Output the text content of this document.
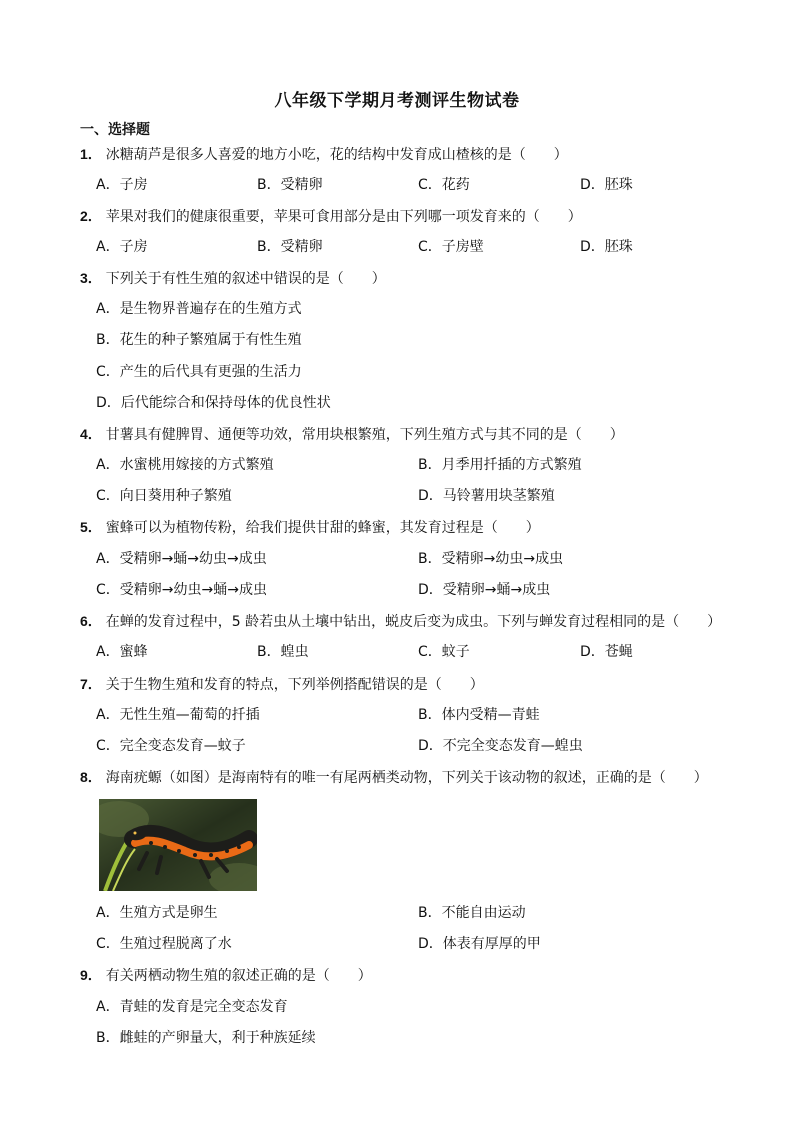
八年级下学期月考测评生物试卷
一、选择题
1． 冰糖葫芦是很多人喜爱的地方小吃，花的结构中发育成山楂核的是（　　）
A．子房	B．受精卵	C．花药	D．胚珠
2． 苹果对我们的健康很重要，苹果可食用部分是由下列哪一项发育来的（　　）
A．子房	B．受精卵	C．子房壁	D．胚珠
3． 下列关于有性生殖的叙述中错误的是（　　）
A．是生物界普遍存在的生殖方式
B．花生的种子繁殖属于有性生殖
C．产生的后代具有更强的生活力
D．后代能综合和保持母体的优良性状
4． 甘薯具有健脾胃、通便等功效，常用块根繁殖，下列生殖方式与其不同的是（　　）
A．水蜜桃用嫁接的方式繁殖	B．月季用扦插的方式繁殖
C．向日葵用种子繁殖	D．马铃薯用块茎繁殖
5． 蜜蜂可以为植物传粉，给我们提供甘甜的蜂蜜，其发育过程是（　　）
A．受精卵→蛹→幼虫→成虫	B．受精卵→幼虫→成虫
C．受精卵→幼虫→蛹→成虫	D．受精卵→蛹→成虫
6． 在蝉的发育过程中，5 龄若虫从土壤中钻出，蜕皮后变为成虫。下列与蝉发育过程相同的是（　　）
A．蜜蜂	B．蝗虫	C．蚊子	D．苍蝇
7． 关于生物生殖和发育的特点，下列举例搭配错误的是（　　）
A．无性生殖—葡萄的扦插	B．体内受精—青蛙
C．完全变态发育—蚊子	D．不完全变态发育—蝗虫
8． 海南疣螈（如图）是海南特有的唯一有尾两栖类动物，下列关于该动物的叙述，正确的是（　　）
A．生殖方式是卵生	B．不能自由运动
C．生殖过程脱离了水	D．体表有厚厚的甲
9． 有关两栖动物生殖的叙述正确的是（　　）
A．青蛙的发育是完全变态发育
B．雌蛙的产卵量大，利于种族延续
